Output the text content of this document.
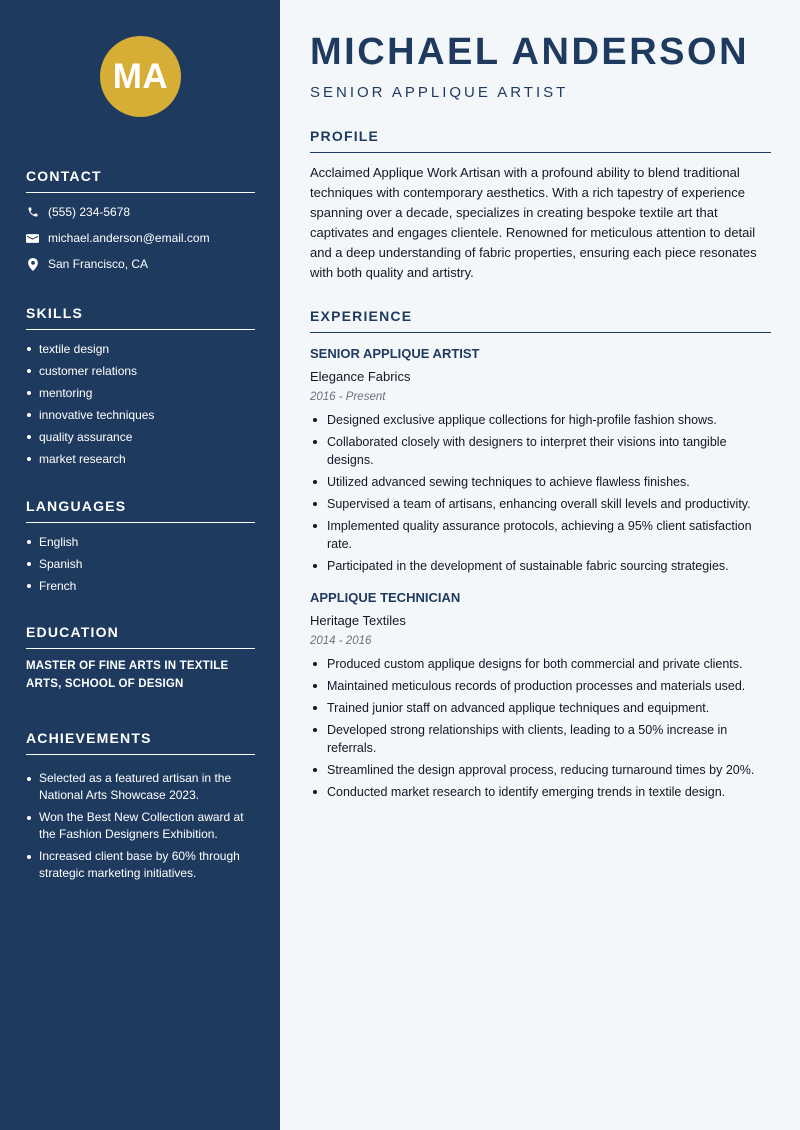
MA
CONTACT
(555) 234-5678
michael.anderson@email.com
San Francisco, CA
SKILLS
textile design
customer relations
mentoring
innovative techniques
quality assurance
market research
LANGUAGES
English
Spanish
French
EDUCATION
MASTER OF FINE ARTS IN TEXTILE ARTS, SCHOOL OF DESIGN
ACHIEVEMENTS
Selected as a featured artisan in the National Arts Showcase 2023.
Won the Best New Collection award at the Fashion Designers Exhibition.
Increased client base by 60% through strategic marketing initiatives.
MICHAEL ANDERSON
SENIOR APPLIQUE ARTIST
PROFILE
Acclaimed Applique Work Artisan with a profound ability to blend traditional techniques with contemporary aesthetics. With a rich tapestry of experience spanning over a decade, specializes in creating bespoke textile art that captivates and engages clientele. Renowned for meticulous attention to detail and a deep understanding of fabric properties, ensuring each piece resonates with both quality and artistry.
EXPERIENCE
SENIOR APPLIQUE ARTIST
Elegance Fabrics
2016 - Present
Designed exclusive applique collections for high-profile fashion shows.
Collaborated closely with designers to interpret their visions into tangible designs.
Utilized advanced sewing techniques to achieve flawless finishes.
Supervised a team of artisans, enhancing overall skill levels and productivity.
Implemented quality assurance protocols, achieving a 95% client satisfaction rate.
Participated in the development of sustainable fabric sourcing strategies.
APPLIQUE TECHNICIAN
Heritage Textiles
2014 - 2016
Produced custom applique designs for both commercial and private clients.
Maintained meticulous records of production processes and materials used.
Trained junior staff on advanced applique techniques and equipment.
Developed strong relationships with clients, leading to a 50% increase in referrals.
Streamlined the design approval process, reducing turnaround times by 20%.
Conducted market research to identify emerging trends in textile design.
